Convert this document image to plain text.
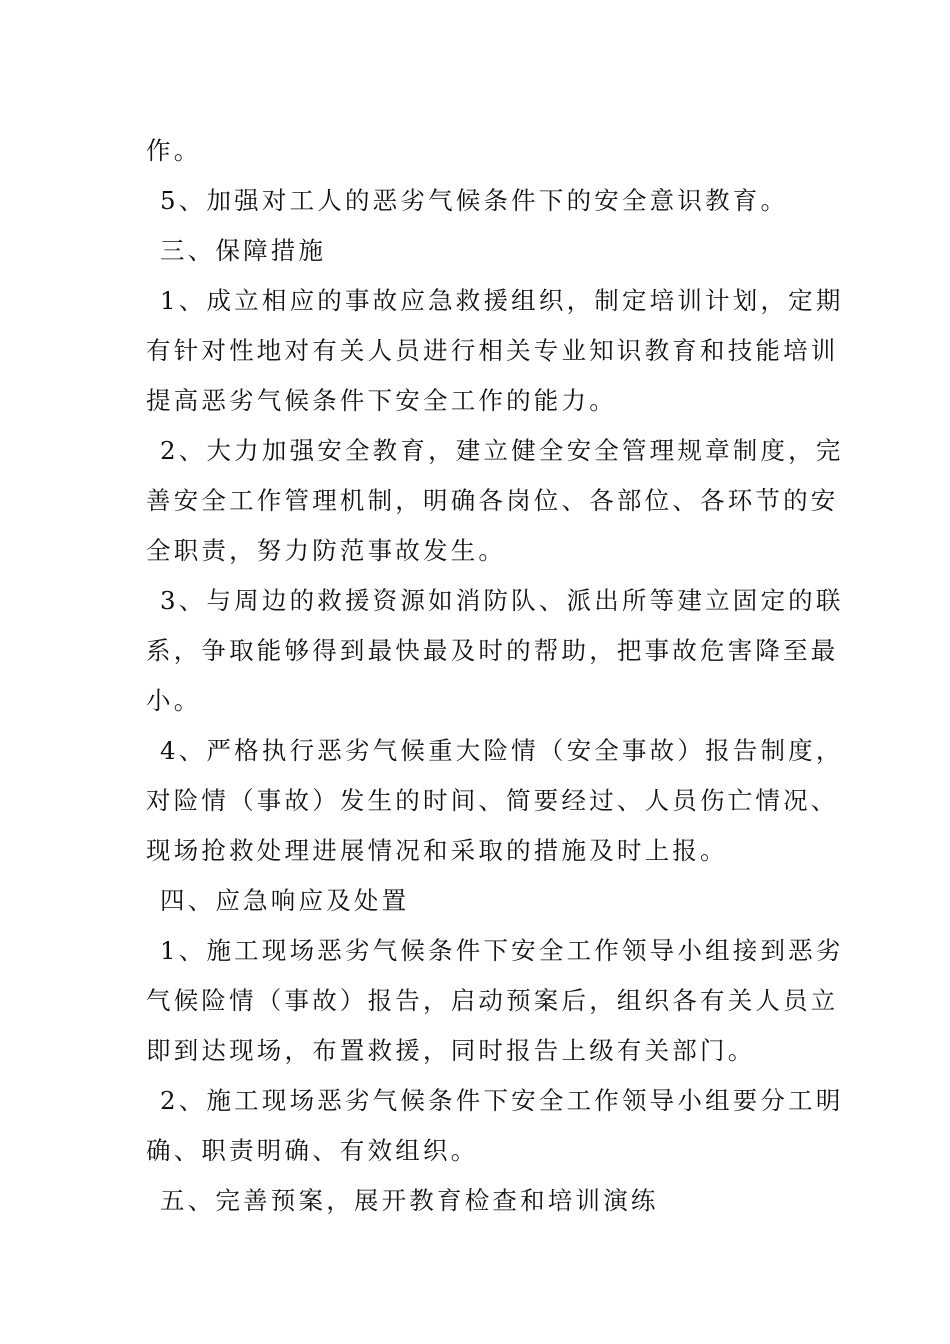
作。
5、加强对工人的恶劣气候条件下的安全意识教育。
三、保障措施
1、成立相应的事故应急救援组织，制定培训计划，定期
有针对性地对有关人员进行相关专业知识教育和技能培训
提高恶劣气候条件下安全工作的能力。
2、大力加强安全教育，建立健全安全管理规章制度，完
善安全工作管理机制，明确各岗位、各部位、各环节的安
全职责，努力防范事故发生。
3、与周边的救援资源如消防队、派出所等建立固定的联
系，争取能够得到最快最及时的帮助，把事故危害降至最
小。
4、严格执行恶劣气候重大险情（安全事故）报告制度，
对险情（事故）发生的时间、简要经过、人员伤亡情况、
现场抢救处理进展情况和采取的措施及时上报。
四、应急响应及处置
1、施工现场恶劣气候条件下安全工作领导小组接到恶劣
气候险情（事故）报告，启动预案后，组织各有关人员立
即到达现场，布置救援，同时报告上级有关部门。
2、施工现场恶劣气候条件下安全工作领导小组要分工明
确、职责明确、有效组织。
五、完善预案，展开教育检查和培训演练
